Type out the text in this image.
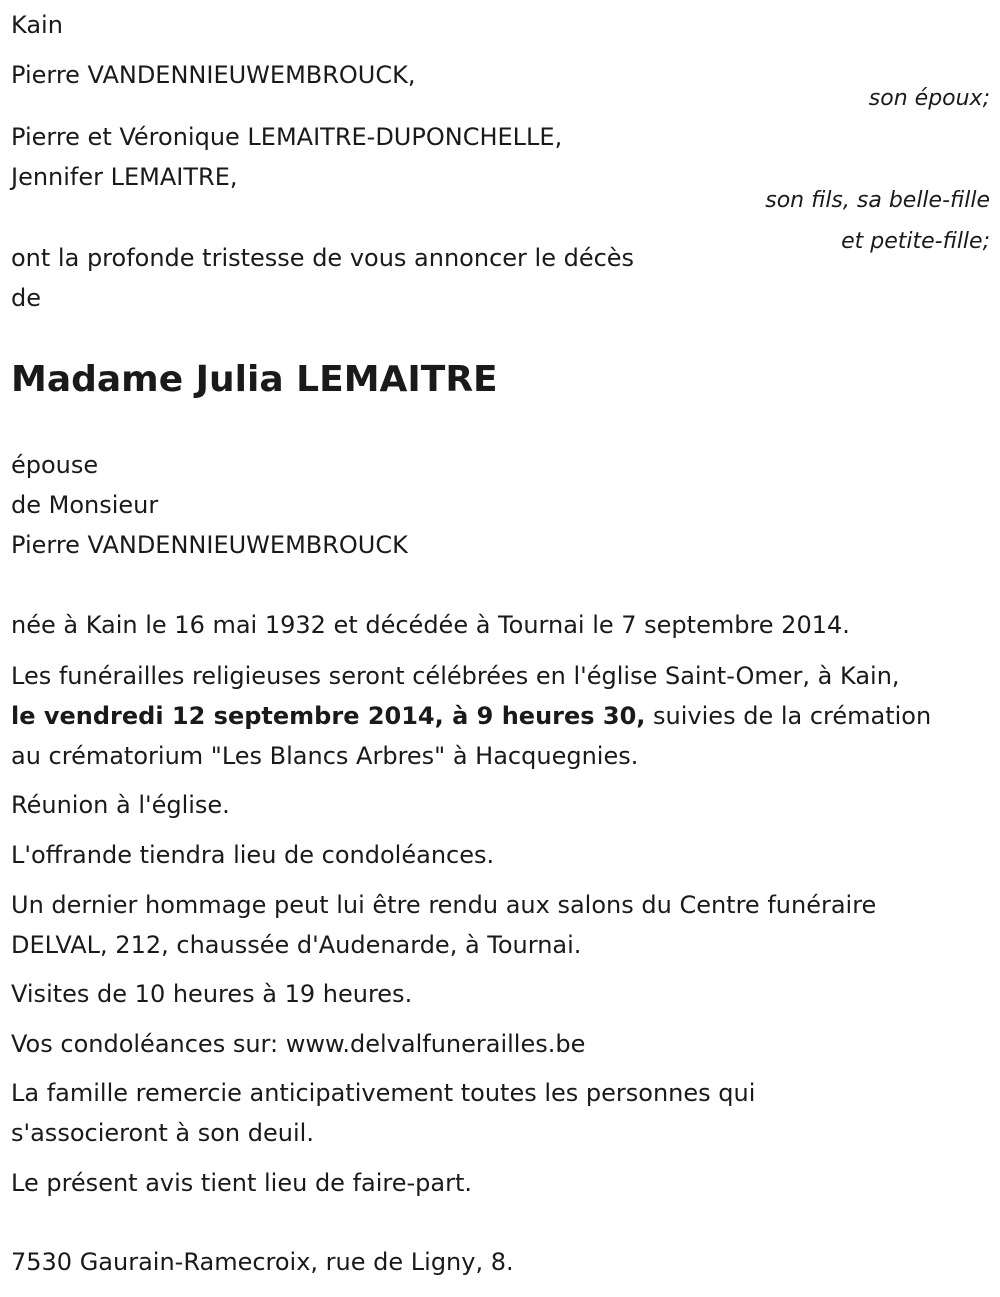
Kain
Pierre VANDENNIEUWEMBROUCK,
son époux;
Pierre et Véronique LEMAITRE-DUPONCHELLE,
Jennifer LEMAITRE,
son fils, sa belle-fille
et petite-fille;
ont la profonde tristesse de vous annoncer le décès
de
Madame Julia LEMAITRE
épouse
de Monsieur
Pierre VANDENNIEUWEMBROUCK
née à Kain le 16 mai 1932 et décédée à Tournai le 7 septembre 2014.
Les funérailles religieuses seront célébrées en l'église Saint-Omer, à Kain,
le vendredi 12 septembre 2014, à 9 heures 30, suivies de la crémation
au crématorium "Les Blancs Arbres" à Hacquegnies.
Réunion à l'église.
L'offrande tiendra lieu de condoléances.
Un dernier hommage peut lui être rendu aux salons du Centre funéraire
DELVAL, 212, chaussée d'Audenarde, à Tournai.
Visites de 10 heures à 19 heures.
Vos condoléances sur: www.delvalfunerailles.be
La famille remercie anticipativement toutes les personnes qui
s'associeront à son deuil.
Le présent avis tient lieu de faire-part.
7530 Gaurain-Ramecroix, rue de Ligny, 8.
